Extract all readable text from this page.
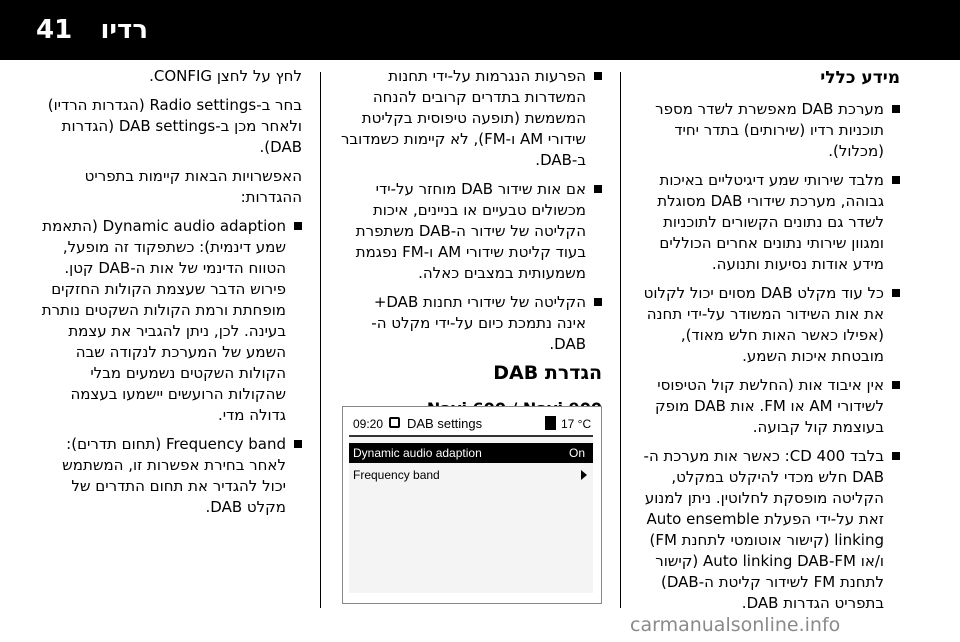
41 רדיו
מידע כללי
מערכת DAB מאפשרת לשדר מספר תוכניות רדיו (שירותים) בתדר יחיד (מכלול).
מלבד שירותי שמע דיגיטליים באיכות גבוהה, מערכת שידורי DAB מסוגלת לשדר גם נתונים הקשורים לתוכניות ומגוון שירותי נתונים אחרים הכוללים מידע אודות נסיעות ותנועה.
כל עוד מקלט DAB מסוים יכול לקלוט את אות השידור המשודר על-ידי תחנה (אפילו כאשר האות חלש מאוד), מובטחת איכות השמע.
אין איבוד אות (החלשת קול הטיפוסי לשידורי AM או FM. אות DAB מופק בעוצמת קול קבועה.
בלבד CD 400: כאשר אות מערכת ה-DAB חלש מכדי להיקלט במקלט, הקליטה מופסקת לחלוטין. ניתן למנוע זאת על-ידי הפעלת Auto ensemble linking (קישור אוטומטי לתחנת FM) ו/או Auto linking DAB-FM (קישור לתחנת FM לשידור קליטת ה-DAB) בתפריט הגדרות DAB.
הפרעות הנגרמות על-ידי תחנות המשדרות בתדרים קרובים להנחה המשמשת (תופעה טיפוסית בקליטת שידורי AM ו-FM), לא קיימות כשמדובר ב-DAB.
אם אות שידור DAB מוחזר על-ידי מכשולים טבעיים או בניינים, איכות הקליטה של שידור ה-DAB משתפרת בעוד קליטת שידורי AM ו-FM נפגמת משמעותית במצבים כאלה.
הקליטה של שידורי תחנות DAB+ אינה נתמכת כיום על-ידי מקלט ה-DAB.
הגדרת DAB
09:20 DAB settings	17 °C
Dynamic audio adaption	On
Frequency band

לחץ על לחצן CONFIG.

בחר ב-Radio settings (הגדרות הרדיו) ולאחר מכן ב-DAB settings (הגדרות DAB).

האפשרויות הבאות קיימות בתפריט ההגדרות:

Dynamic audio adaption (התאמת שמע דינמית): כשתפקוד זה מופעל, הטווח הדינמי של אות ה-DAB קטן. פירוש הדבר שעצמת הקולות החזקים מופחתת ורמת הקולות השקטים נותרת בעינה. לכן, ניתן להגביר את עצמת השמע של המערכת לנקודה שבה הקולות השקטים נשמעים מבלי שהקולות הרועשים יישמעו בעצמה גדולה מדי.
Frequency band (תחום תדרים): לאחר בחירת אפשרות זו, המשתמש יכול להגדיר את תחום התדרים של מקלט DAB.
carmanualsonline.info
